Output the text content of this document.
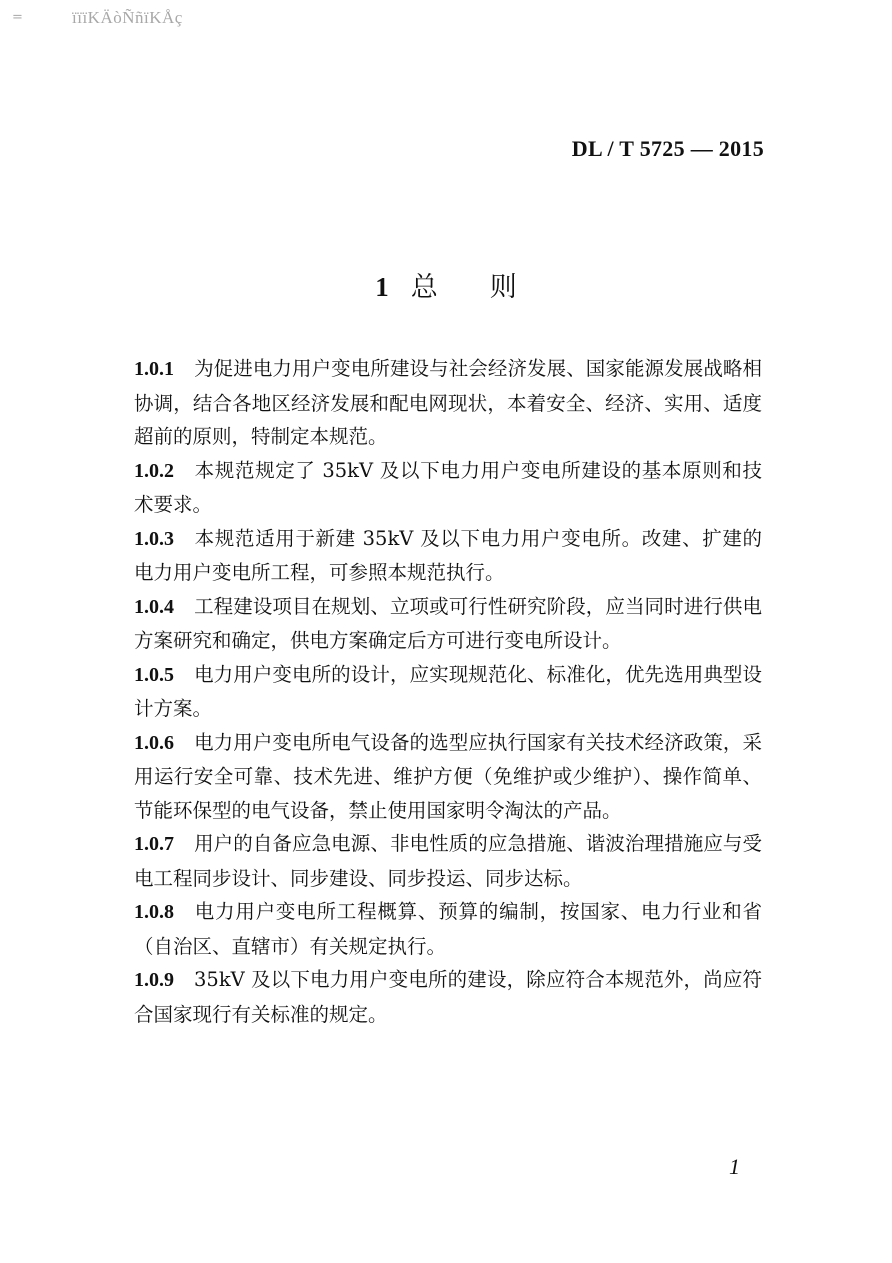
=	ïïïKÄòÑñïKÅç
DL / T 5725 — 2015
1 总 则

1.0.1 为促进电力用户变电所建设与社会经济发展、国家能源发展战略相协调，结合各地区经济发展和配电网现状，本着安全、经济、实用、适度超前的原则，特制定本规范。

1.0.2 本规范规定了 35kV 及以下电力用户变电所建设的基本原则和技术要求。

1.0.3 本规范适用于新建 35kV 及以下电力用户变电所。改建、扩建的电力用户变电所工程，可参照本规范执行。

1.0.4 工程建设项目在规划、立项或可行性研究阶段，应当同时进行供电方案研究和确定，供电方案确定后方可进行变电所设计。

1.0.5 电力用户变电所的设计，应实现规范化、标准化，优先选用典型设计方案。

1.0.6 电力用户变电所电气设备的选型应执行国家有关技术经济政策，采用运行安全可靠、技术先进、维护方便（免维护或少维护）、操作简单、节能环保型的电气设备，禁止使用国家明令淘汰的产品。

1.0.7 用户的自备应急电源、非电性质的应急措施、谐波治理措施应与受电工程同步设计、同步建设、同步投运、同步达标。

1.0.8 电力用户变电所工程概算、预算的编制，按国家、电力行业和省（自治区、直辖市）有关规定执行。

1.0.9 35kV 及以下电力用户变电所的建设，除应符合本规范外，尚应符合国家现行有关标准的规定。

1
